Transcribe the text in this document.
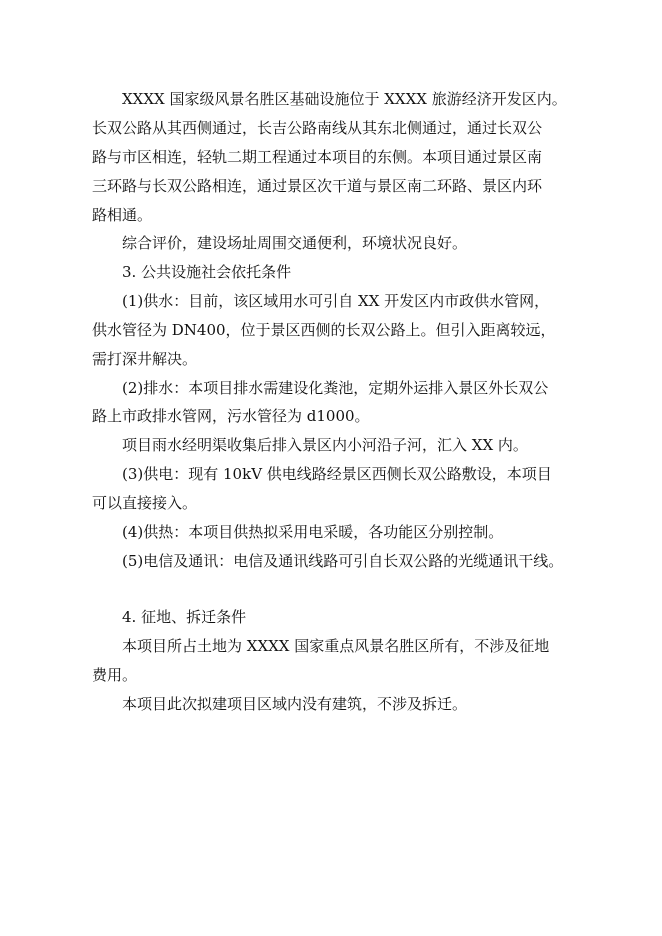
XXXX 国家级风景名胜区基础设施位于 XXXX 旅游经济开发区内。
长双公路从其西侧通过，长吉公路南线从其东北侧通过，通过长双公
路与市区相连，轻轨二期工程通过本项目的东侧。本项目通过景区南
三环路与长双公路相连，通过景区次干道与景区南二环路、景区内环
路相通。
综合评价，建设场址周围交通便利，环境状况良好。
3. 公共设施社会依托条件
(1)供水：目前，该区域用水可引自 XX 开发区内市政供水管网，
供水管径为 DN400，位于景区西侧的长双公路上。但引入距离较远，
需打深井解决。
(2)排水：本项目排水需建设化粪池，定期外运排入景区外长双公
路上市政排水管网，污水管径为 d1000。
项目雨水经明渠收集后排入景区内小河沿子河，汇入 XX 内。
(3)供电：现有 10kV 供电线路经景区西侧长双公路敷设，本项目
可以直接接入。
(4)供热：本项目供热拟采用电采暖，各功能区分别控制。
(5)电信及通讯：电信及通讯线路可引自长双公路的光缆通讯干线。
4. 征地、拆迁条件
本项目所占土地为 XXXX 国家重点风景名胜区所有，不涉及征地
费用。
本项目此次拟建项目区域内没有建筑，不涉及拆迁。
